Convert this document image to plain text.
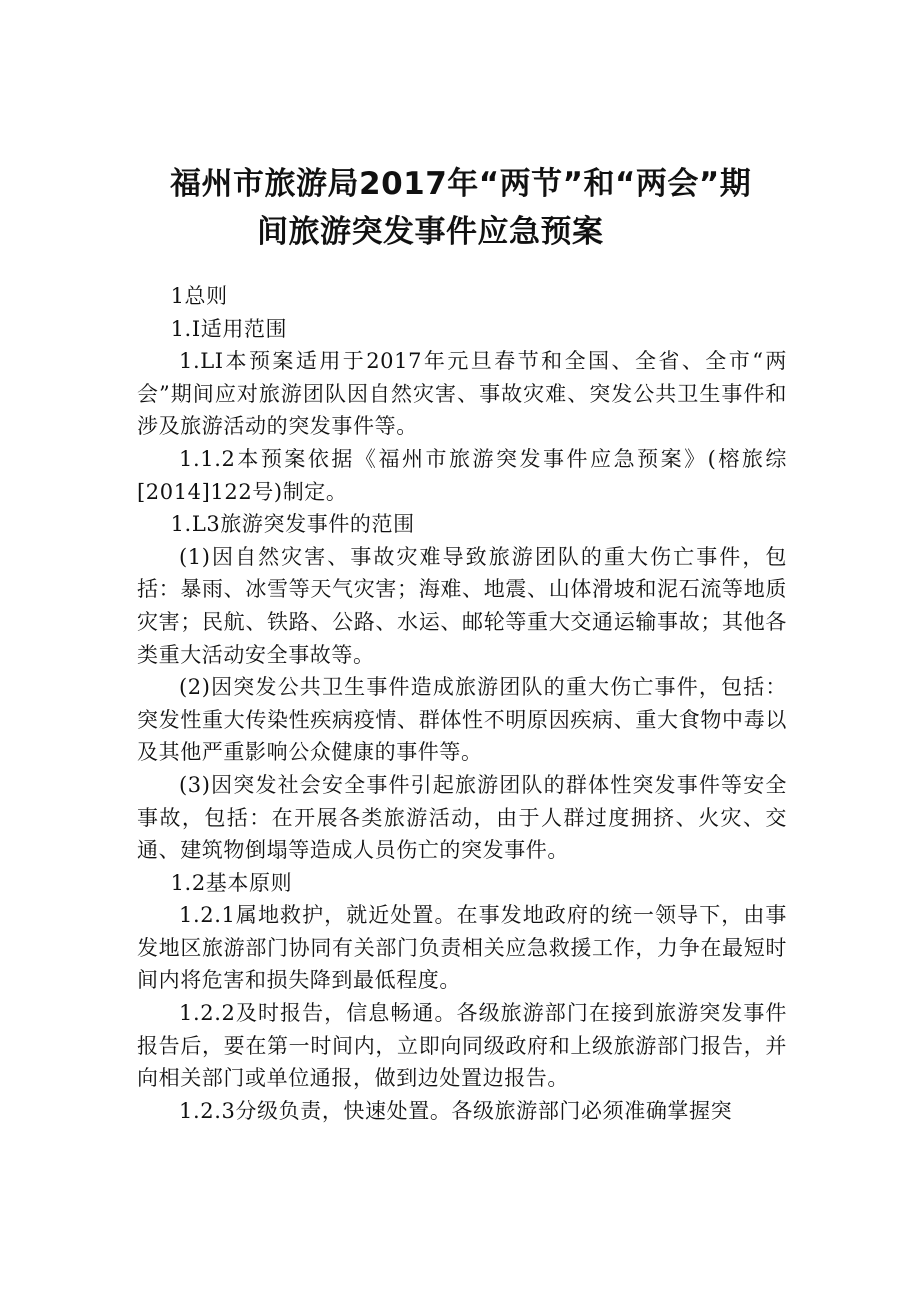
福州市旅游局2017年“两节”和“两会”期
间旅游突发事件应急预案

1总则

1.I适用范围

1.LI本预案适用于2017年元旦春节和全国、全省、全市“两会”期间应对旅游团队因自然灾害、事故灾难、突发公共卫生事件和涉及旅游活动的突发事件等。

1.1.2本预案依据《福州市旅游突发事件应急预案》(榕旅综[2014]122号)制定。

1.L3旅游突发事件的范围

(1)因自然灾害、事故灾难导致旅游团队的重大伤亡事件，包括：暴雨、冰雪等天气灾害；海难、地震、山体滑坡和泥石流等地质灾害；民航、铁路、公路、水运、邮轮等重大交通运输事故；其他各类重大活动安全事故等。

(2)因突发公共卫生事件造成旅游团队的重大伤亡事件，包括：突发性重大传染性疾病疫情、群体性不明原因疾病、重大食物中毒以及其他严重影响公众健康的事件等。

(3)因突发社会安全事件引起旅游团队的群体性突发事件等安全事故，包括：在开展各类旅游活动，由于人群过度拥挤、火灾、交通、建筑物倒塌等造成人员伤亡的突发事件。

1.2基本原则

1.2.1属地救护，就近处置。在事发地政府的统一领导下，由事发地区旅游部门协同有关部门负责相关应急救援工作，力争在最短时间内将危害和损失降到最低程度。

1.2.2及时报告，信息畅通。各级旅游部门在接到旅游突发事件报告后，要在第一时间内，立即向同级政府和上级旅游部门报告，并向相关部门或单位通报，做到边处置边报告。

1.2.3分级负责，快速处置。各级旅游部门必须准确掌握突
